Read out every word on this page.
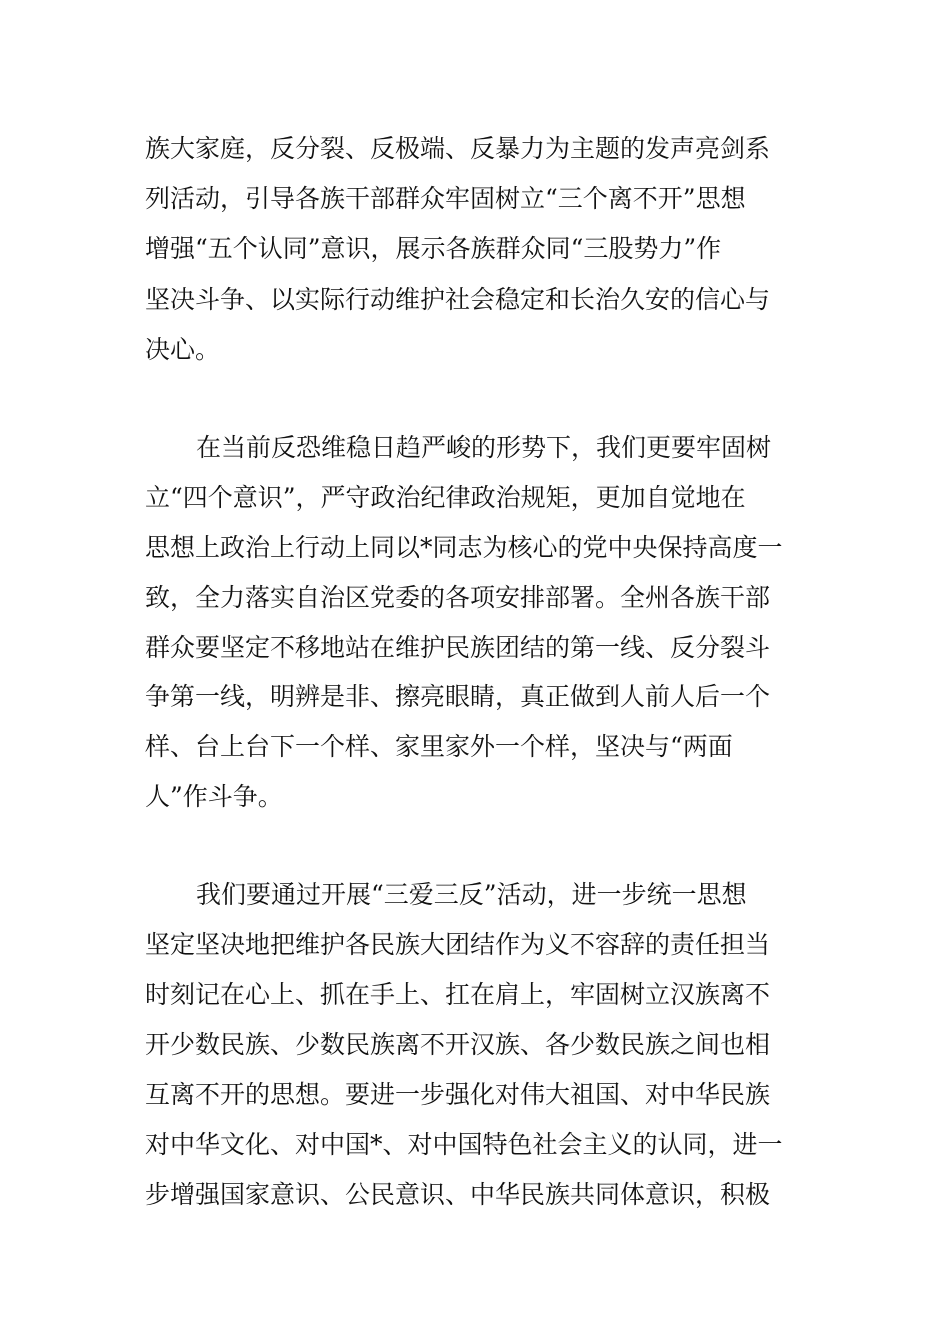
族大家庭，反分裂、反极端、反暴力为主题的发声亮剑系

列活动，引导各族干部群众牢固树立“三个离不开”思想

增强“五个认同”意识，展示各族群众同“三股势力”作

坚决斗争、以实际行动维护社会稳定和长治久安的信心与

决心。

在当前反恐维稳日趋严峻的形势下，我们更要牢固树

立“四个意识”，严守政治纪律政治规矩，更加自觉地在

思想上政治上行动上同以*同志为核心的党中央保持高度一

致，全力落实自治区党委的各项安排部署。全州各族干部

群众要坚定不移地站在维护民族团结的第一线、反分裂斗

争第一线，明辨是非、擦亮眼睛，真正做到人前人后一个

样、台上台下一个样、家里家外一个样，坚决与“两面

人”作斗争。

我们要通过开展“三爱三反”活动，进一步统一思想

坚定坚决地把维护各民族大团结作为义不容辞的责任担当

时刻记在心上、抓在手上、扛在肩上，牢固树立汉族离不

开少数民族、少数民族离不开汉族、各少数民族之间也相

互离不开的思想。要进一步强化对伟大祖国、对中华民族

对中华文化、对中国*、对中国特色社会主义的认同，进一

步增强国家意识、公民意识、中华民族共同体意识，积极
